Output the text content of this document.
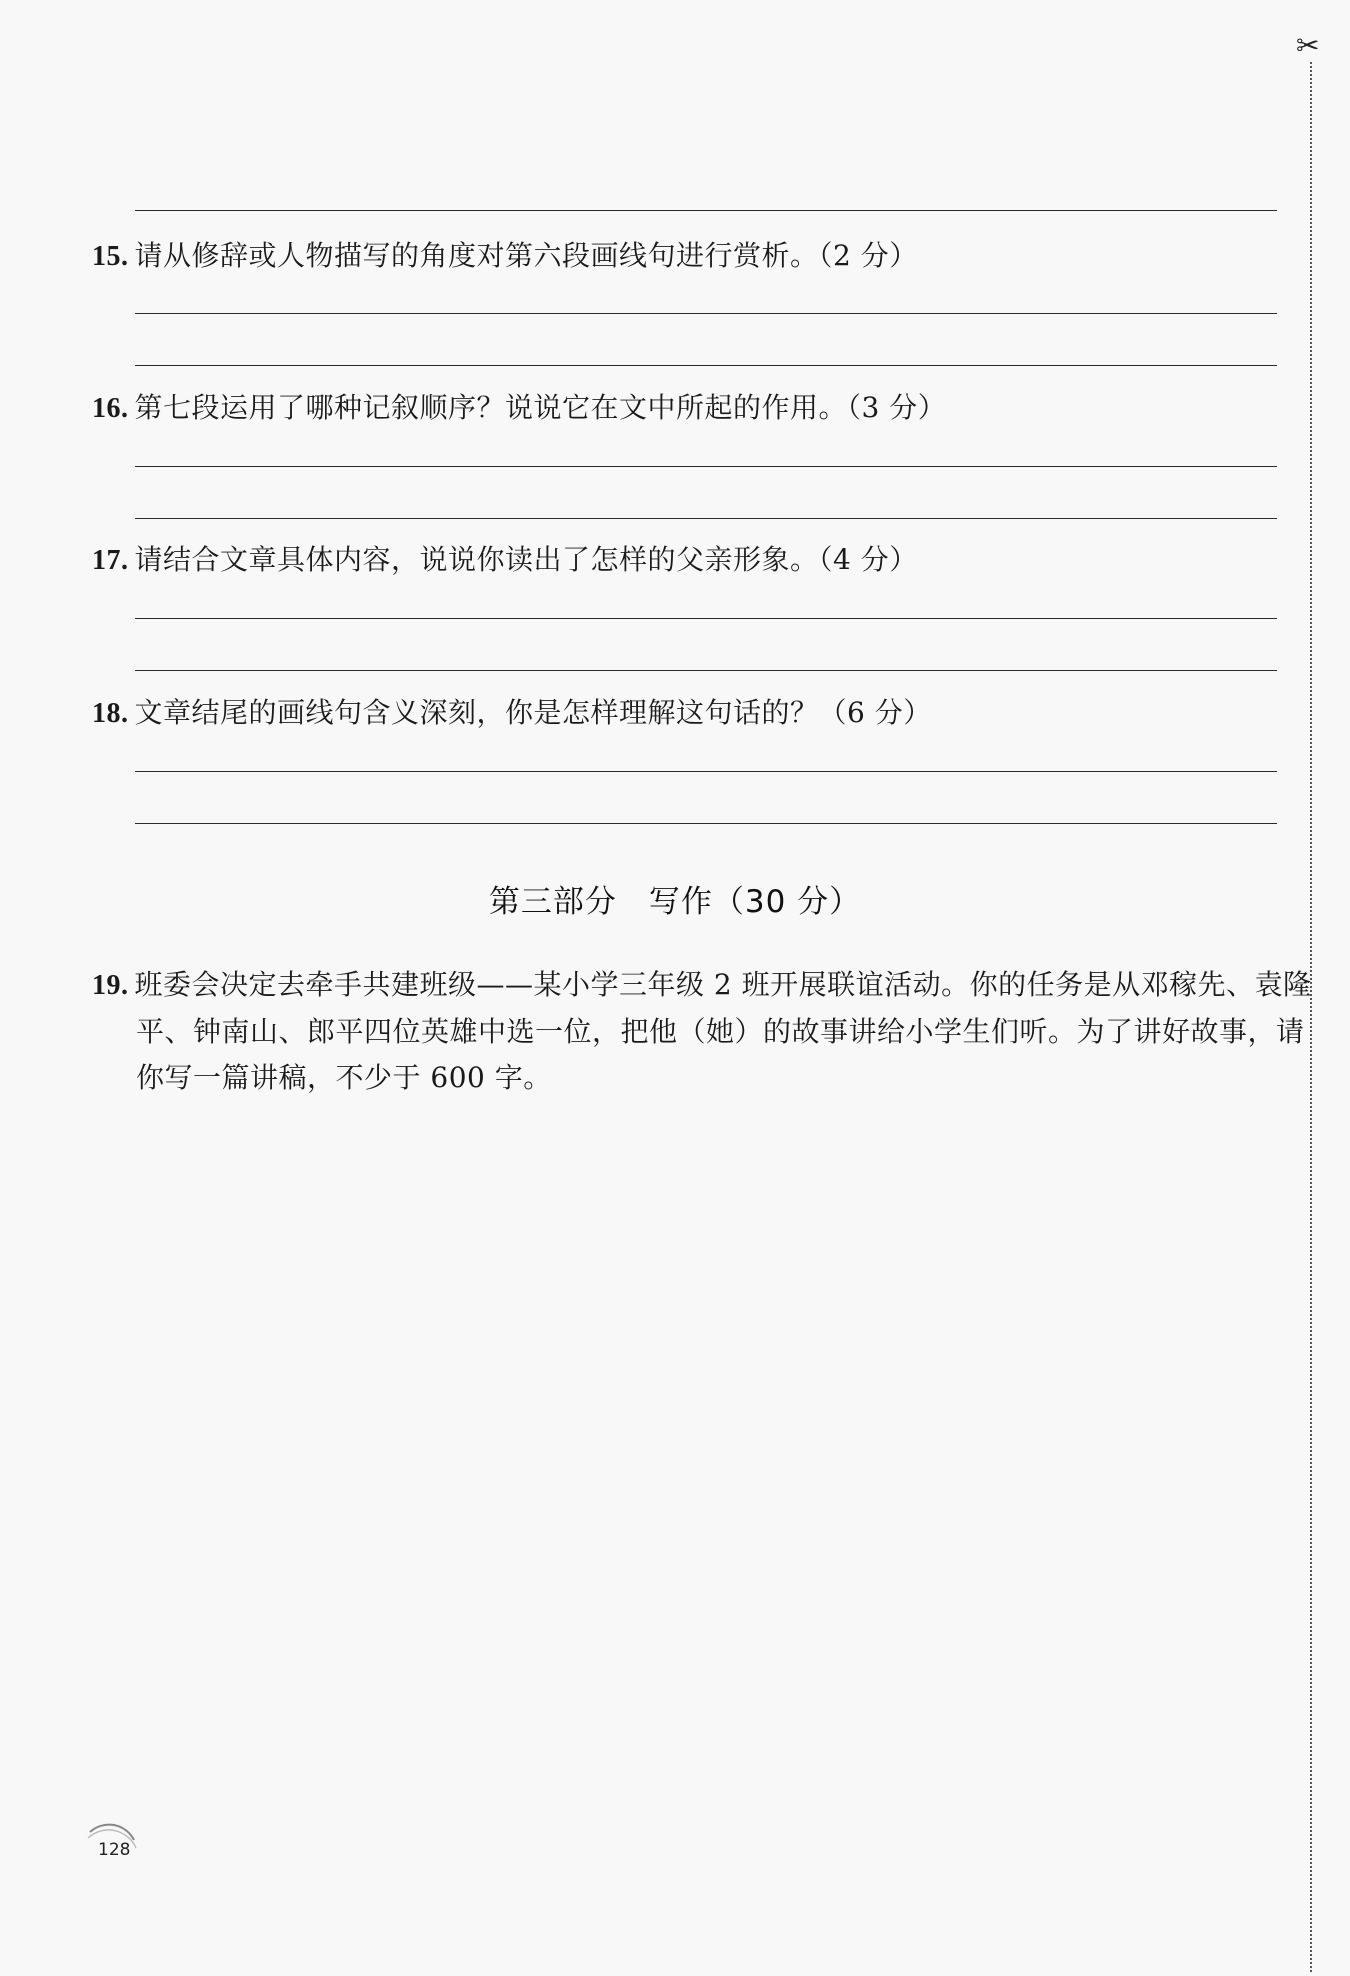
15. 请从修辞或人物描写的角度对第六段画线句进行赏析。（2 分）
16. 第七段运用了哪种记叙顺序？说说它在文中所起的作用。（3 分）
17. 请结合文章具体内容，说说你读出了怎样的父亲形象。（4 分）
18. 文章结尾的画线句含义深刻，你是怎样理解这句话的？（6 分）
第三部分　写作（30 分）
19. 班委会决定去牵手共建班级——某小学三年级 2 班开展联谊活动。你的任务是从邓稼先、袁隆
平、钟南山、郎平四位英雄中选一位，把他（她）的故事讲给小学生们听。为了讲好故事，请
你写一篇讲稿，不少于 600 字。
✂
128
